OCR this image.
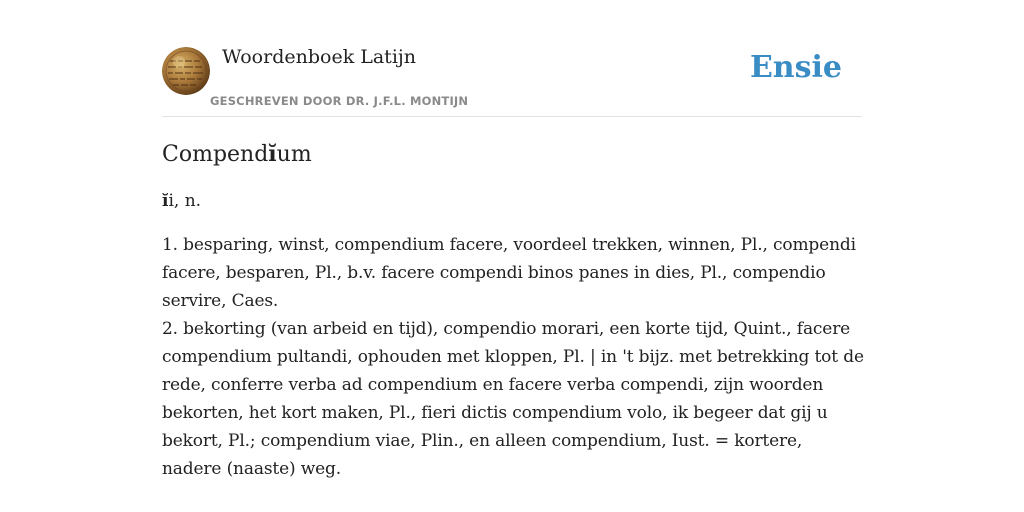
Woordenboek Latijn
GESCHREVEN DOOR DR. J.F.L. MONTIJN
Ensie
Compendĭum

ĭi, n.

1. besparing, winst, compendium facere, voordeel trekken, winnen, Pl., compendi facere, besparen, Pl., b.v. facere compendi binos panes in dies, Pl., compendio servire, Caes.
2. bekorting (van arbeid en tijd), compendio morari, een korte tijd, Quint., facere compendium pultandi, ophouden met kloppen, Pl. | in 't bijz. met betrekking tot de rede, conferre verba ad compendium en facere verba compendi, zijn woorden bekorten, het kort maken, Pl., fieri dictis compendium volo, ik begeer dat gij u bekort, Pl.; compendium viae, Plin., en alleen compendium, Iust. = kortere, nadere (naaste) weg.
